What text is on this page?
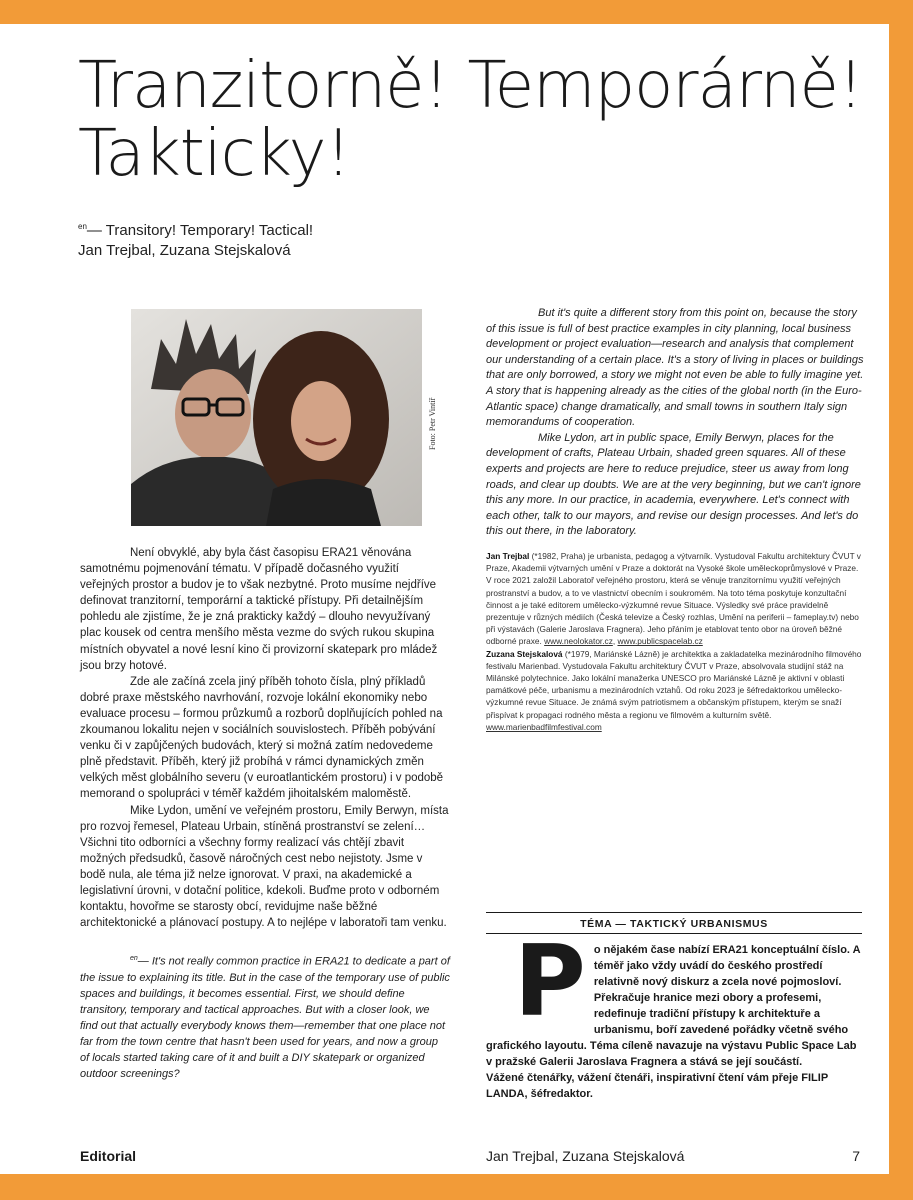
Tranzitorně! Temporárně!
Takticky!
$^{en}$— Transitory! Temporary! Tactical!
Jan Trejbal, Zuzana Stejskalová
Foto: Petr Vintíř

Není obvyklé, aby byla část časopisu ERA21 věnována samotnému pojmenování tématu. V případě dočasného využití veřejných prostor a budov je to však nezbytné. Proto musíme nejdříve definovat tranzitorní, temporární a taktické přístupy. Při detailnějším pohledu ale zjistíme, že je zná prakticky každý – dlouho nevyužívaný plac kousek od centra menšího města vezme do svých rukou skupina místních obyvatel a nové lesní kino či provizorní skatepark pro mládež jsou brzy hotové.

Zde ale začíná zcela jiný příběh tohoto čísla, plný příkladů dobré praxe městského navrhování, rozvoje lokální ekonomiky nebo evaluace procesu – formou průzkumů a rozborů doplňujících pohled na zkoumanou lokalitu nejen v sociálních souvislostech. Příběh pobývání venku či v zapůjčených budovách, který si možná zatím nedovedeme plně představit. Příběh, který již probíhá v rámci dynamických změn velkých měst globálního severu (v euroatlantickém prostoru) i v podobě memorand o spolupráci v téměř každém jihoitalském maloměstě.

Mike Lydon, umění ve veřejném prostoru, Emily Berwyn, místa pro rozvoj řemesel, Plateau Urbain, stíněná prostranství se zelení… Všichni tito odborníci a všechny formy realizací vás chtějí zbavit možných předsudků, časově náročných cest nebo nejistoty. Jsme v bodě nula, ale téma již nelze ignorovat. V praxi, na akademické a legislativní úrovni, v dotační politice, kdekoli. Buďme proto v odborném kontaktu, hovořme se starosty obcí, revidujme naše běžné architektonické a plánovací postupy. A to nejlépe v laboratoři tam venku.

$^{en}$— It's not really common practice in ERA21 to dedicate a part of the issue to explaining its title. But in the case of the temporary use of public spaces and buildings, it becomes essential. First, we should define transitory, temporary and tactical approaches. But with a closer look, we find out that actually everybody knows them—remember that one place not far from the town centre that hasn't been used for years, and now a group of locals started taking care of it and built a DIY skatepark or organized outdoor screenings?

But it's quite a different story from this point on, because the story of this issue is full of best practice examples in city planning, local business development or project evaluation—research and analysis that complement our understanding of a certain place. It's a story of living in places or buildings that are only borrowed, a story we might not even be able to fully imagine yet. A story that is happening already as the cities of the global north (in the Euro-Atlantic space) change dramatically, and small towns in southern Italy sign memorandums of cooperation.

Mike Lydon, art in public space, Emily Berwyn, places for the development of crafts, Plateau Urbain, shaded green squares. All of these experts and projects are here to reduce prejudice, steer us away from long roads, and clear up doubts. We are at the very beginning, but we can't ignore this any more. In our practice, in academia, everywhere. Let's connect with each other, talk to our mayors, and revise our design processes. And let's do this out there, in the laboratory.

Jan Trejbal (*1982, Praha) je urbanista, pedagog a výtvarník. Vystudoval Fakultu architektury ČVUT v Praze, Akademii výtvarných umění v Praze a doktorát na Vysoké škole uměleckoprůmyslové v Praze. V roce 2021 založil Laboratoř veřejného prostoru, která se věnuje tranzitornímu využití veřejných prostranství a budov, a to ve vlastnictví obecním i soukromém. Na toto téma poskytuje konzultační činnost a je také editorem umělecko-výzkumné revue Situace. Výsledky své práce pravidelně prezentuje v různých médiích (Česká televize a Český rozhlas, Umění na periferii – fameplay.tv) nebo při výstavách (Galerie Jaroslava Fragnera). Jeho přáním je etablovat tento obor na úroveň běžné odborné praxe. www.neolokator.cz, www.publicspacelab.cz
Zuzana Stejskalová (*1979, Mariánské Lázně) je architektka a zakladatelka mezinárodního filmového festivalu Marienbad. Vystudovala Fakultu architektury ČVUT v Praze, absolvovala studijní stáž na Milánské polytechnice. Jako lokální manažerka UNESCO pro Mariánské Lázně je aktivní v oblasti památkové péče, urbanismu a mezinárodních vztahů. Od roku 2023 je šéfredaktorkou umělecko-výzkumné revue Situace. Je známá svým patriotismem a občanským přístupem, kterým se snaží přispívat k propagaci rodného města a regionu ve filmovém a kulturním světě. www.marienbadfilmfestival.com
TÉMA — TAKTICKÝ URBANISMUS
P o nějakém čase nabízí ERA21 konceptuální číslo. A téměř jako vždy uvádí do českého prostředí relativně nový diskurz a zcela nové pojmosloví. Překračuje hranice mezi obory a profesemi, redefinuje tradiční přístupy k architektuře a urbanismu, boří zavedené pořádky včetně svého grafického layoutu. Téma cíleně navazuje na výstavu Public Space Lab v pražské Galerii Jaroslava Fragnera a stává se její součástí.

Vážené čtenářky, vážení čtenáři, inspirativní čtení vám přeje FILIP LANDA, šéfredaktor.

Editorial	Jan Trejbal, Zuzana Stejskalová	7
